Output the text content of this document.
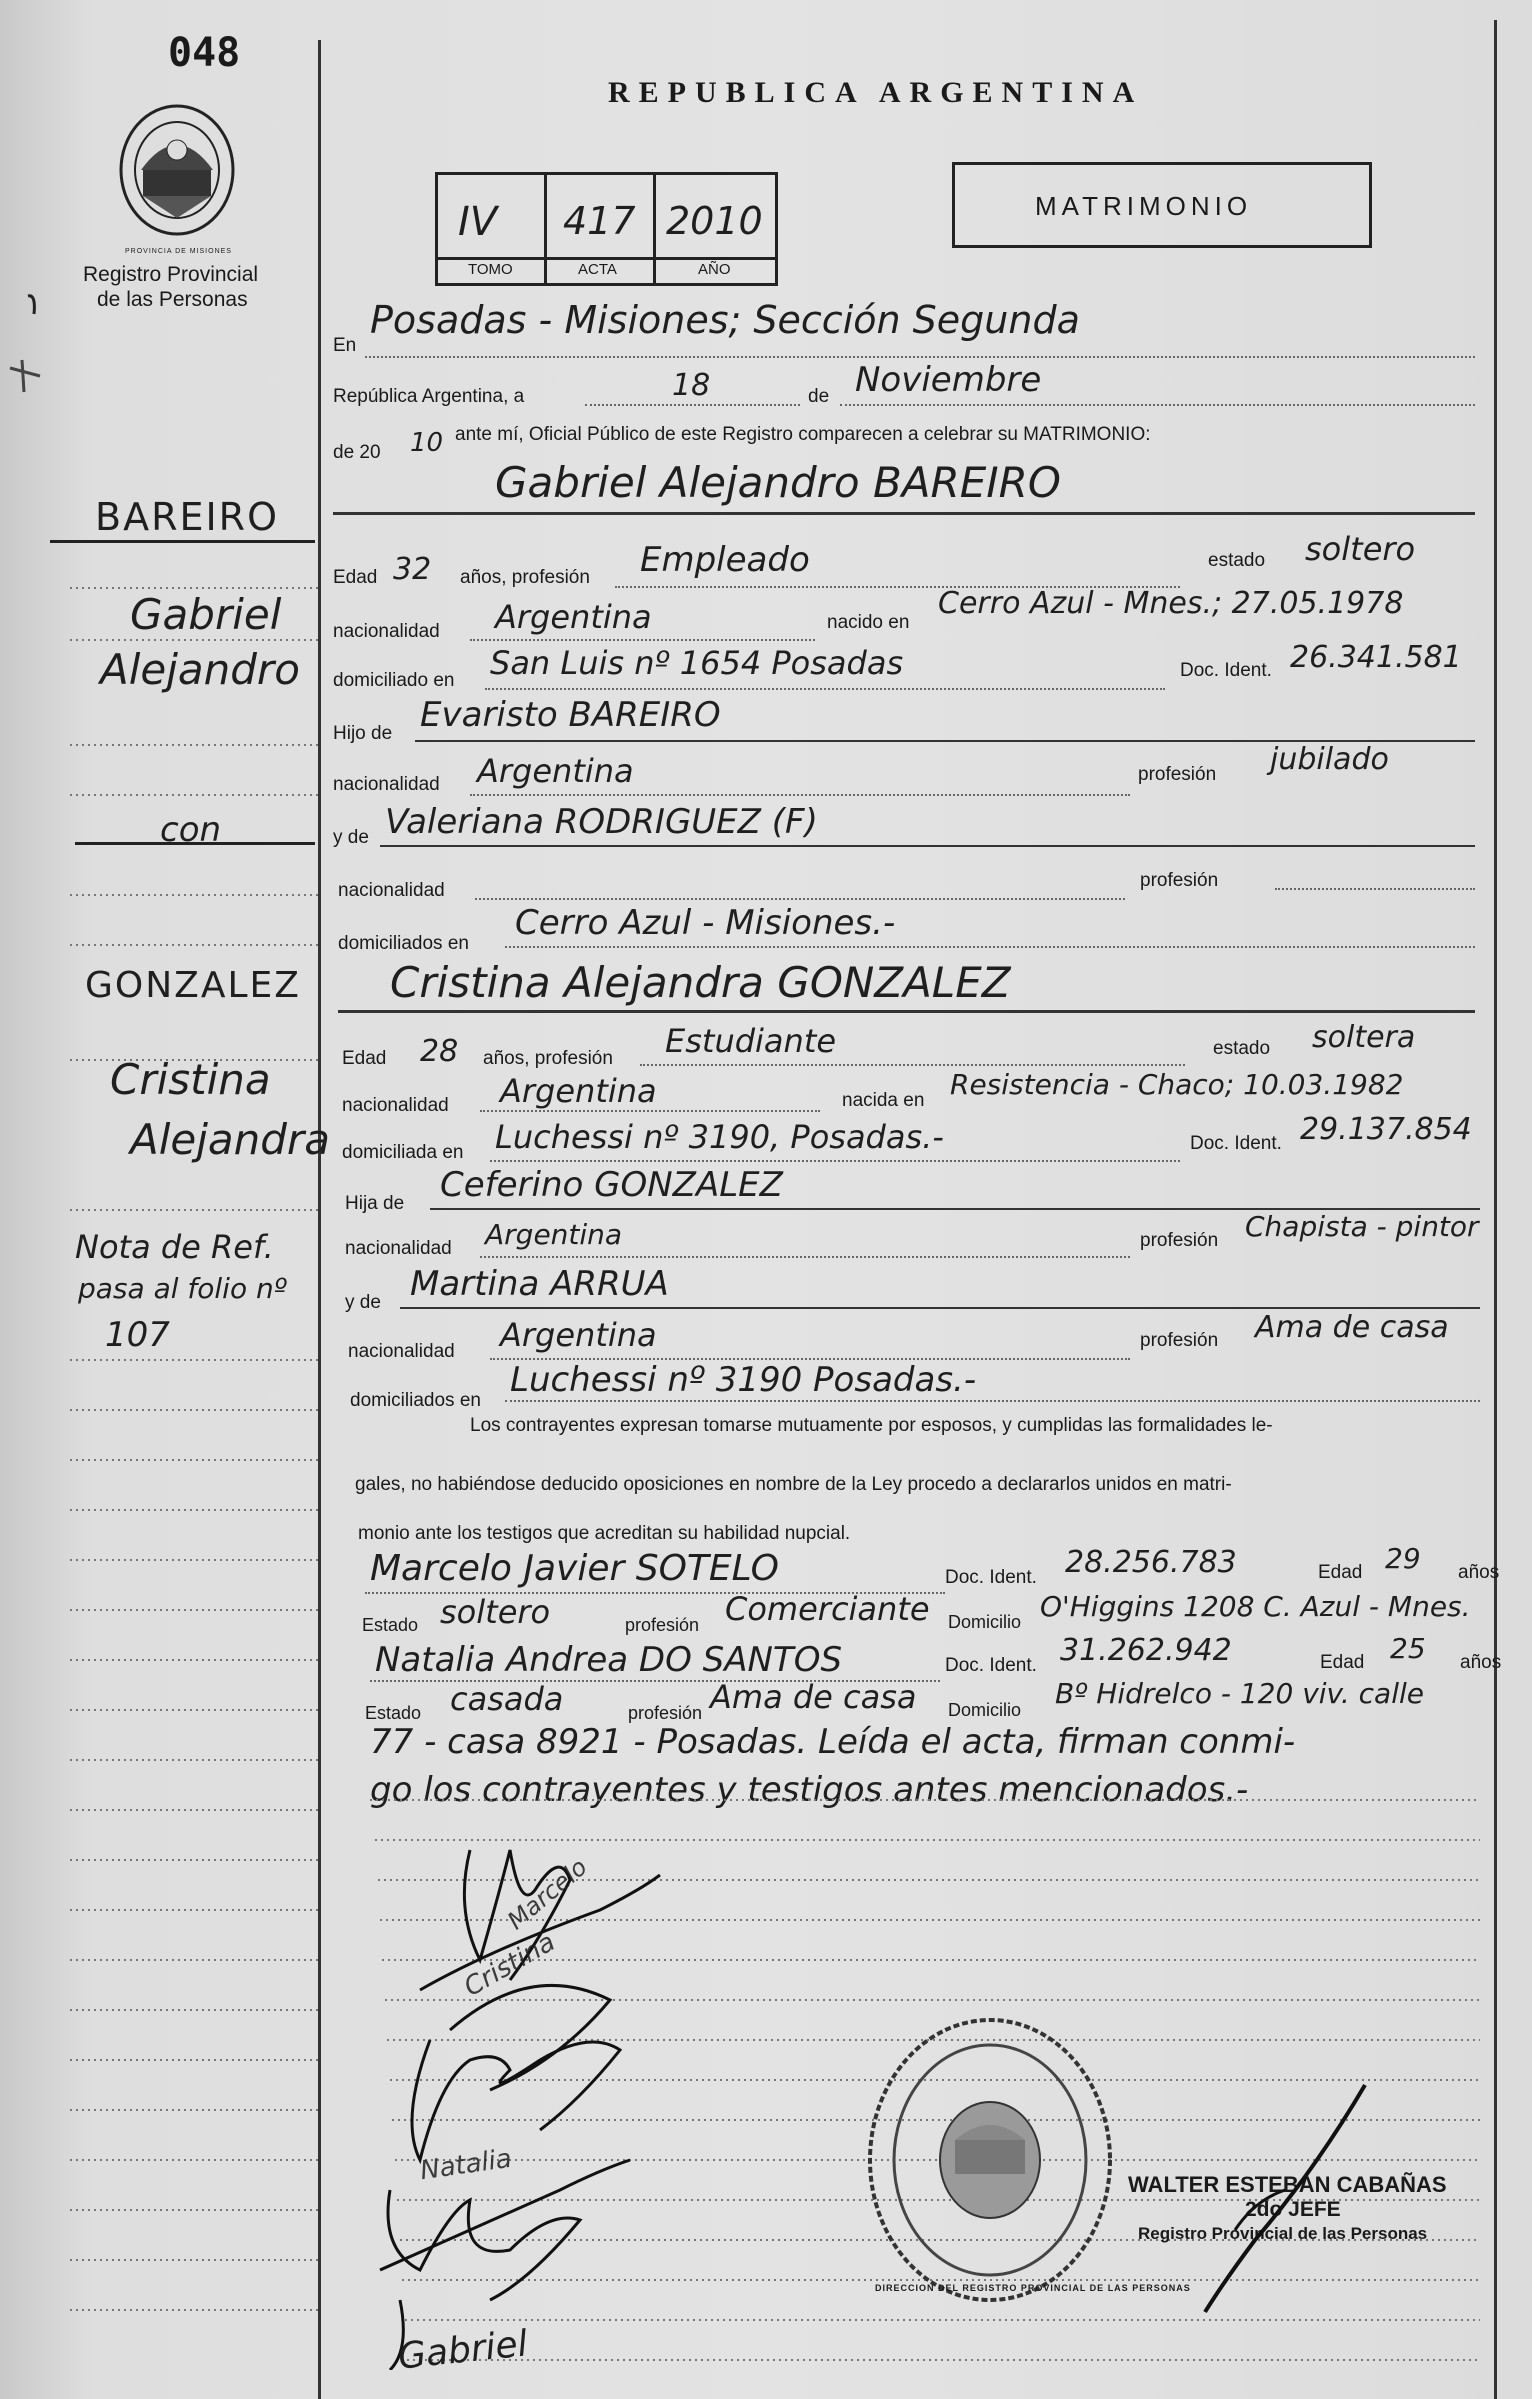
048
PROVINCIA DE MISIONES
Registro Provincial
de las Personas
REPUBLICA ARGENTINA
IV 417 2010
TOMO	ACTA	AÑO
MATRIMONIO
En
Posadas - Misiones; Sección Segunda
República Argentina, a	18	de Noviembre
de 20 10 ante mí, Oficial Público de este Registro comparecen a celebrar su MATRIMONIO:
Gabriel Alejandro BAREIRO
Edad 32 años, profesión Empleado	estado soltero
nacionalidad Argentina	nacido en
Cerro Azul - Mnes.; 27.05.1978
domiciliado en San Luis nº 1654 Posadas	Doc. Ident. 26.341.581
Hijo de Evaristo BAREIRO
nacionalidad Argentina	profesión jubilado
y de Valeriana RODRIGUEZ (F)
nacionalidad	profesión
domiciliados en
Cerro Azul - Misiones.-
Cristina Alejandra GONZALEZ
Edad 28 años, profesión Estudiante	estado soltera
nacionalidad Argentina	nacida en Resistencia - Chaco; 10.03.1982
domiciliada en Luchessi nº 3190, Posadas.-	Doc. Ident. 29.137.854
Hija de Ceferino GONZALEZ
nacionalidad Argentina	profesión Chapista - pintor
y de Martina ARRUA
nacionalidad Argentina	profesión Ama de casa
domiciliados en
Luchessi nº 3190 Posadas.-
Los contrayentes expresan tomarse mutuamente por esposos, y cumplidas las formalidades le-
gales, no habiéndose deducido oposiciones en nombre de la Ley procedo a declararlos unidos en matri-
monio ante los testigos que acreditan su habilidad nupcial.
Marcelo Javier SOTELO	Doc. Ident. 28.256.783	Edad 29 años
Estado soltero	profesión Comerciante Domicilio O'Higgins 1208 C. Azul - Mnes.
Natalia Andrea DO SANTOS	Doc. Ident. 31.262.942	Edad 25 años
Estado casada	profesión Ama de casa Domicilio Bº Hidrelco - 120 viv. calle
77 - casa 8921 - Posadas. Leída el acta, firman conmi-
go los contrayentes y testigos antes mencionados.-
BAREIRO
Gabriel
Alejandro
con
GONZALEZ
Cristina
Alejandra
Nota de Ref.
pasa al folio nº
107
Gabriel
Cristina
Marcelo
Natalia
DIRECCION DEL REGISTRO PROVINCIAL DE LAS PERSONAS
WALTER ESTEBAN CABAÑAS
2do JEFE
Registro Provincial de las Personas
